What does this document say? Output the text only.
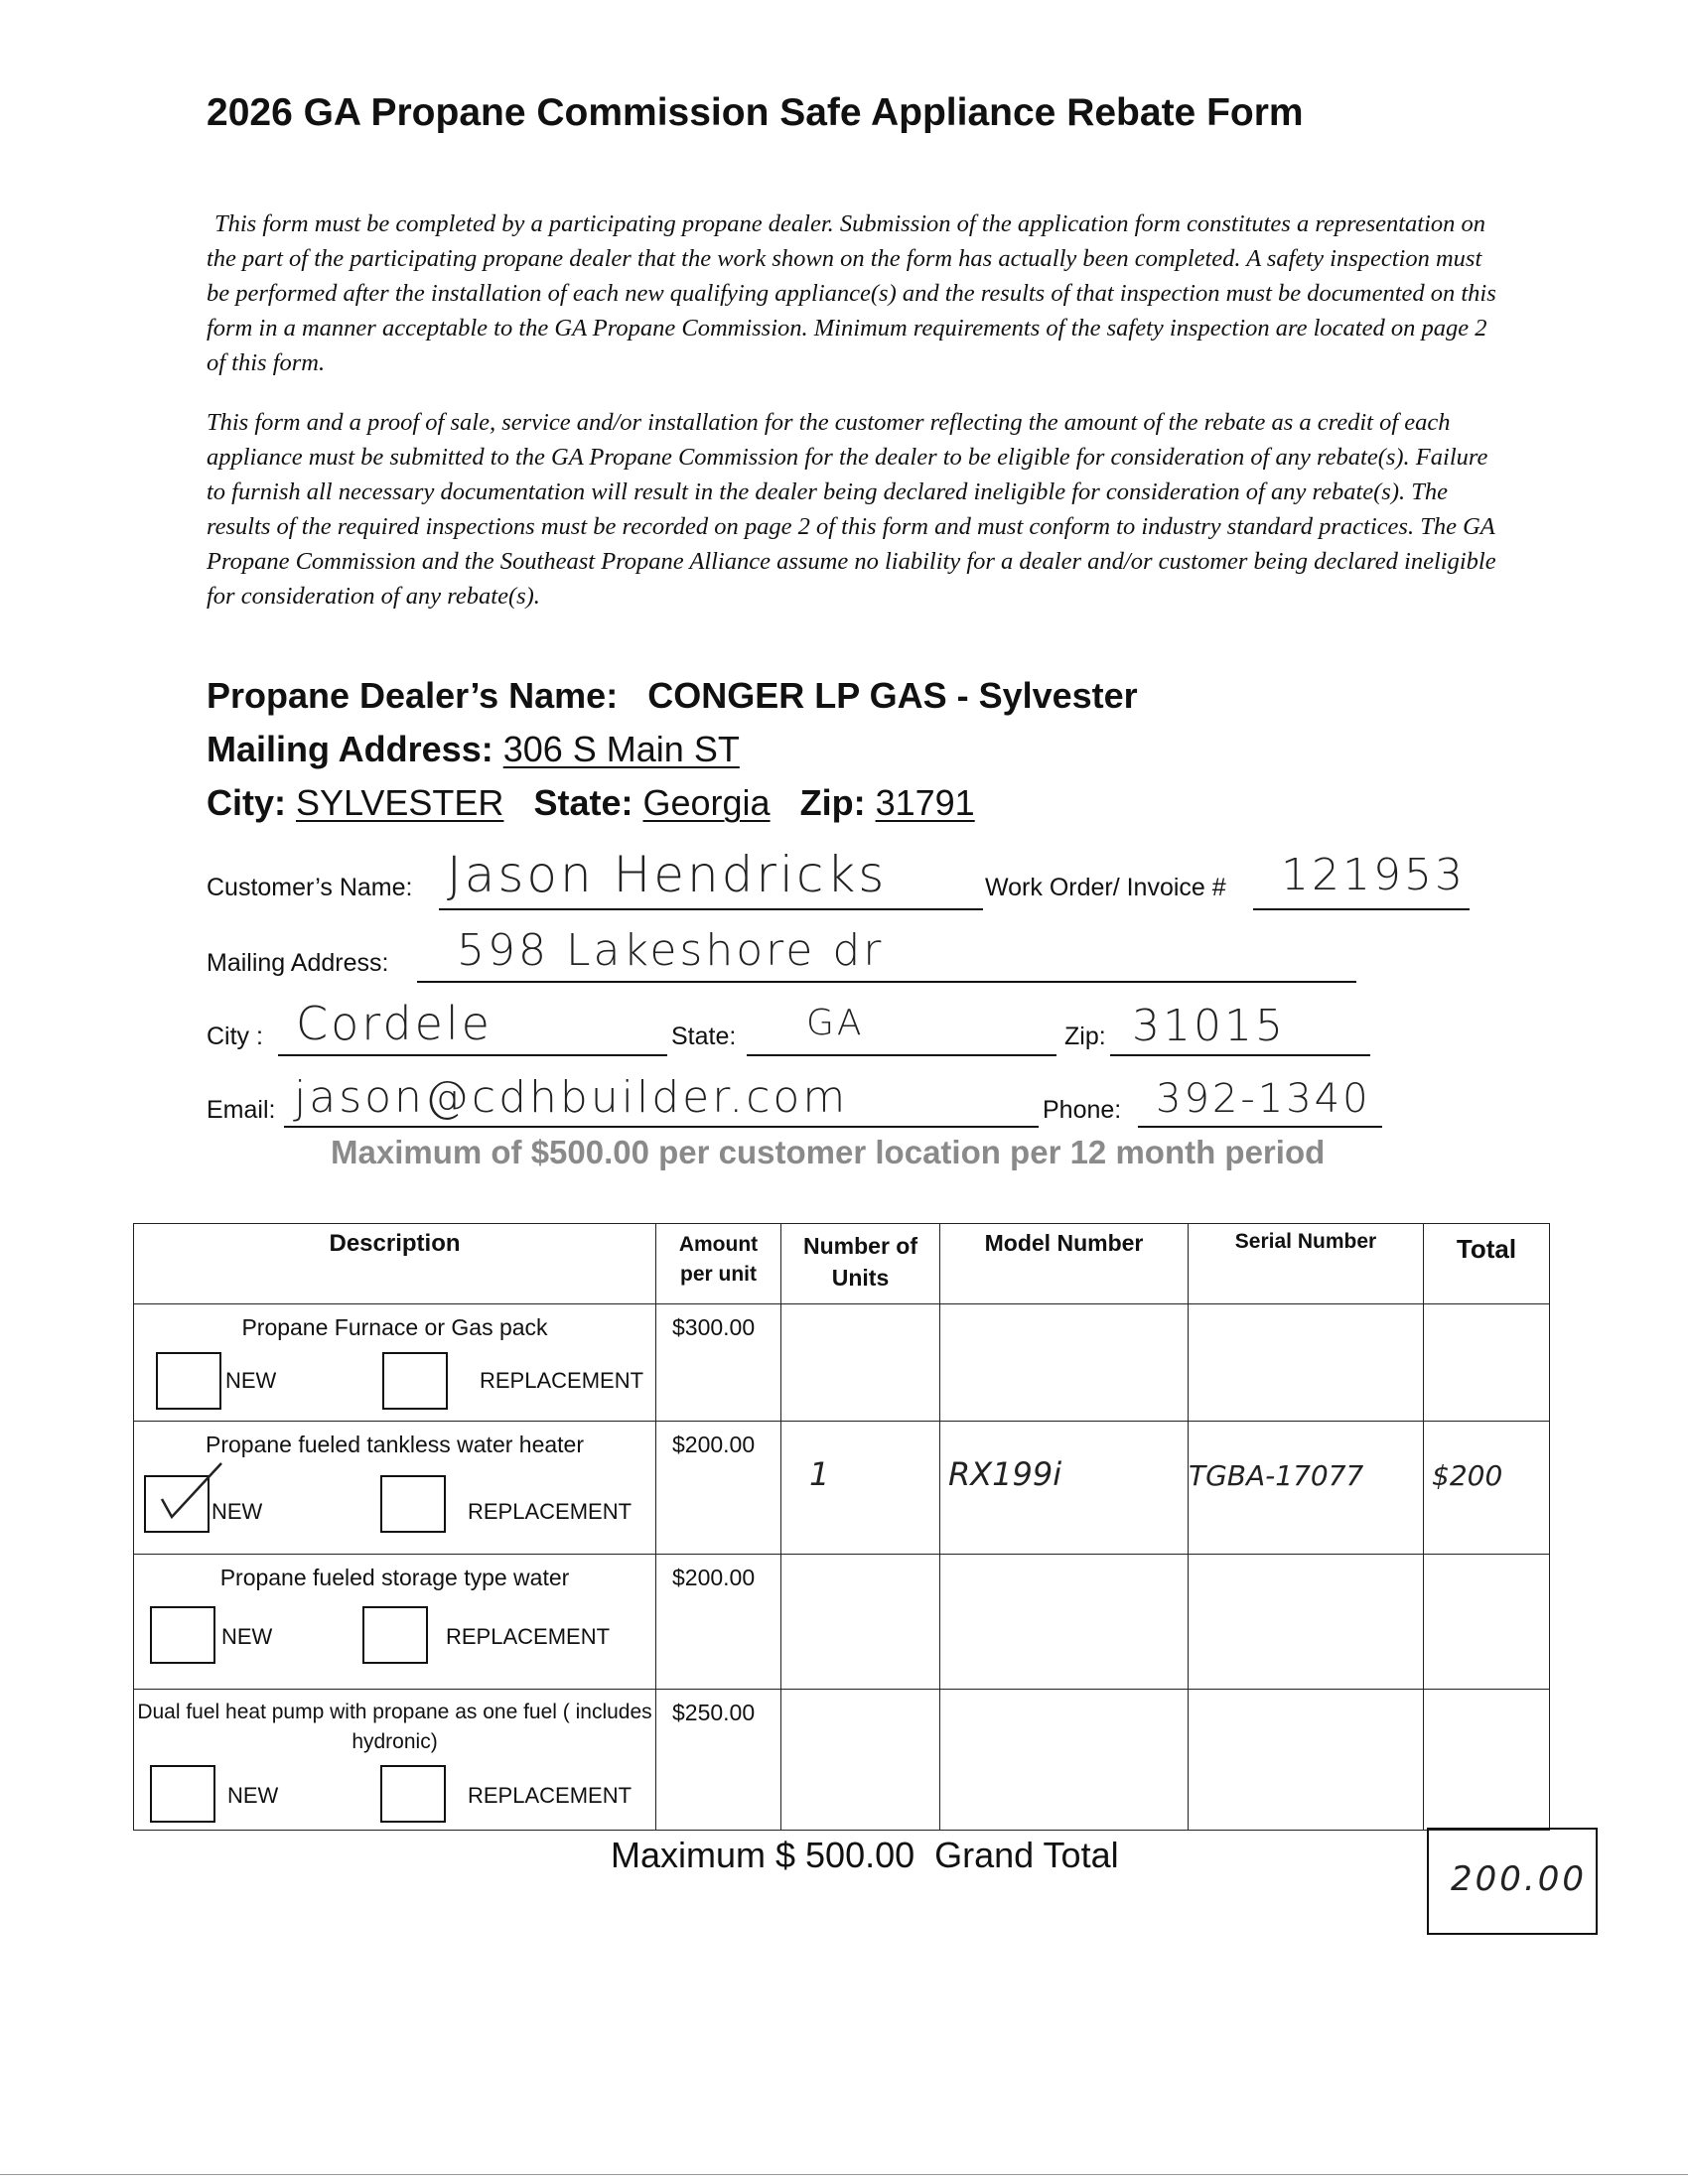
2026 GA Propane Commission Safe Appliance Rebate Form
This form must be completed by a participating propane dealer. Submission of the application form constitutes a representation on the part of the participating propane dealer that the work shown on the form has actually been completed. A safety inspection must be performed after the installation of each new qualifying appliance(s) and the results of that inspection must be documented on this form in a manner acceptable to the GA Propane Commission. Minimum requirements of the safety inspection are located on page 2 of this form.
This form and a proof of sale, service and/or installation for the customer reflecting the amount of the rebate as a credit of each appliance must be submitted to the GA Propane Commission for the dealer to be eligible for consideration of any rebate(s). Failure to furnish all necessary documentation will result in the dealer being declared ineligible for consideration of any rebate(s). The results of the required inspections must be recorded on page 2 of this form and must conform to industry standard practices. The GA Propane Commission and the Southeast Propane Alliance assume no liability for a dealer and/or customer being declared ineligible for consideration of any rebate(s).
Propane Dealer’s Name: CONGER LP GAS - Sylvester
Mailing Address: 306 S Main ST
City: SYLVESTER State: Georgia Zip: 31791
Customer’s Name: Jason Hendricks	Work Order/ Invoice # 121953
Mailing Address: 598 Lakeshore dr
City : Cordele	State: GA	Zip: 31015
Email: jason@cdhbuilder.com	Phone: 392-1340
Maximum of $500.00 per customer location per 12 month period
Description	Amount per unit	Number of Units	Model Number	Serial Number	Total

Propane Furnace or Gas pack
NEW REPLACEMENT	$300.00				

Propane fueled tankless water heater
NEW REPLACEMENT	$200.00	1	RX199i	TGBA-17077	$200

Propane fueled storage type water
NEW REPLACEMENT	$200.00				

Dual fuel heat pump with propane as one fuel ( includes hydronic)
NEW REPLACEMENT	$250.00				
Maximum $ 500.00  Grand Total
200.00
